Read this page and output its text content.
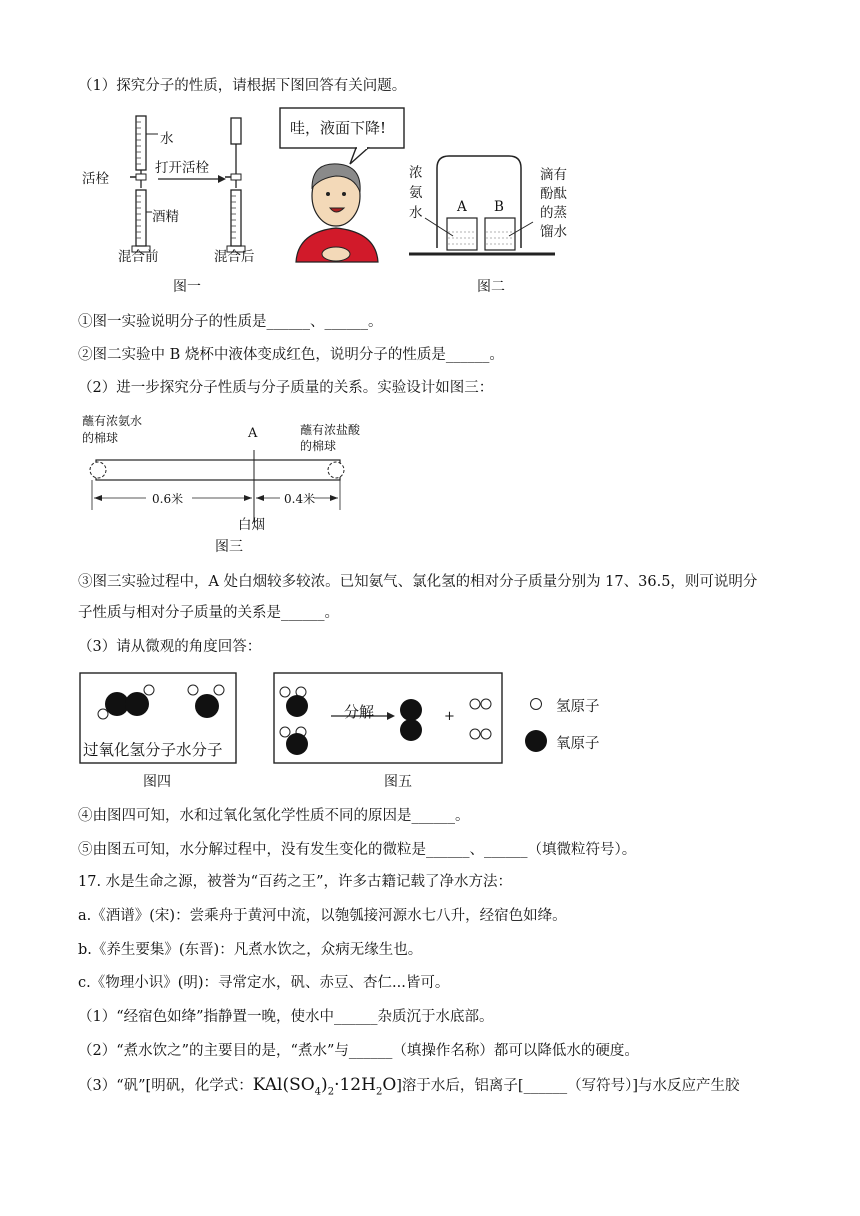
（1）探究分子的性质，请根据下图回答有关问题。
水
活栓
打开活栓
酒精
混合前	混合后
图一
哇，液面下降!
浓
氨
水	A B
滴有
酚酞
的蒸
馏水
图二
①图一实验说明分子的性质是______、______。
②图二实验中 B 烧杯中液体变成红色，说明分子的性质是______。
（2）进一步探究分子性质与分子质量的关系。实验设计如图三：
蘸有浓氨水
的棉球	A	蘸有浓盐酸
的棉球
0.6米	0.4米
白烟
图三
③图三实验过程中，A 处白烟较多较浓。已知氨气、氯化氢的相对分子质量分别为 17、36.5，则可说明分
子性质与相对分子质量的关系是______。
（3）请从微观的角度回答：
过氧化氢分子水分子
图四
分解	+
图五
氢原子
氧原子
④由图四可知，水和过氧化氢化学性质不同的原因是______。
⑤由图五可知，水分解过程中，没有发生变化的微粒是______、______（填微粒符号）。
17. 水是生命之源，被誉为“百药之王”，许多古籍记载了净水方法：
a.《酒谱》(宋)：尝乘舟于黄河中流，以匏瓠接河源水七八升，经宿色如绛。
b.《养生要集》(东晋)：凡煮水饮之，众病无缘生也。
c.《物理小识》(明)：寻常定水，矾、赤豆、杏仁...皆可。
（1）“经宿色如绛”指静置一晚，使水中______杂质沉于水底部。
（2）“煮水饮之”的主要目的是，“煮水”与______（填操作名称）都可以降低水的硬度。
（3）“矾”[明矾，化学式：$KAl(SO_4)_2\cdot 12H_2O$]溶于水后，铝离子[______（写符号）]与水反应产生胶
